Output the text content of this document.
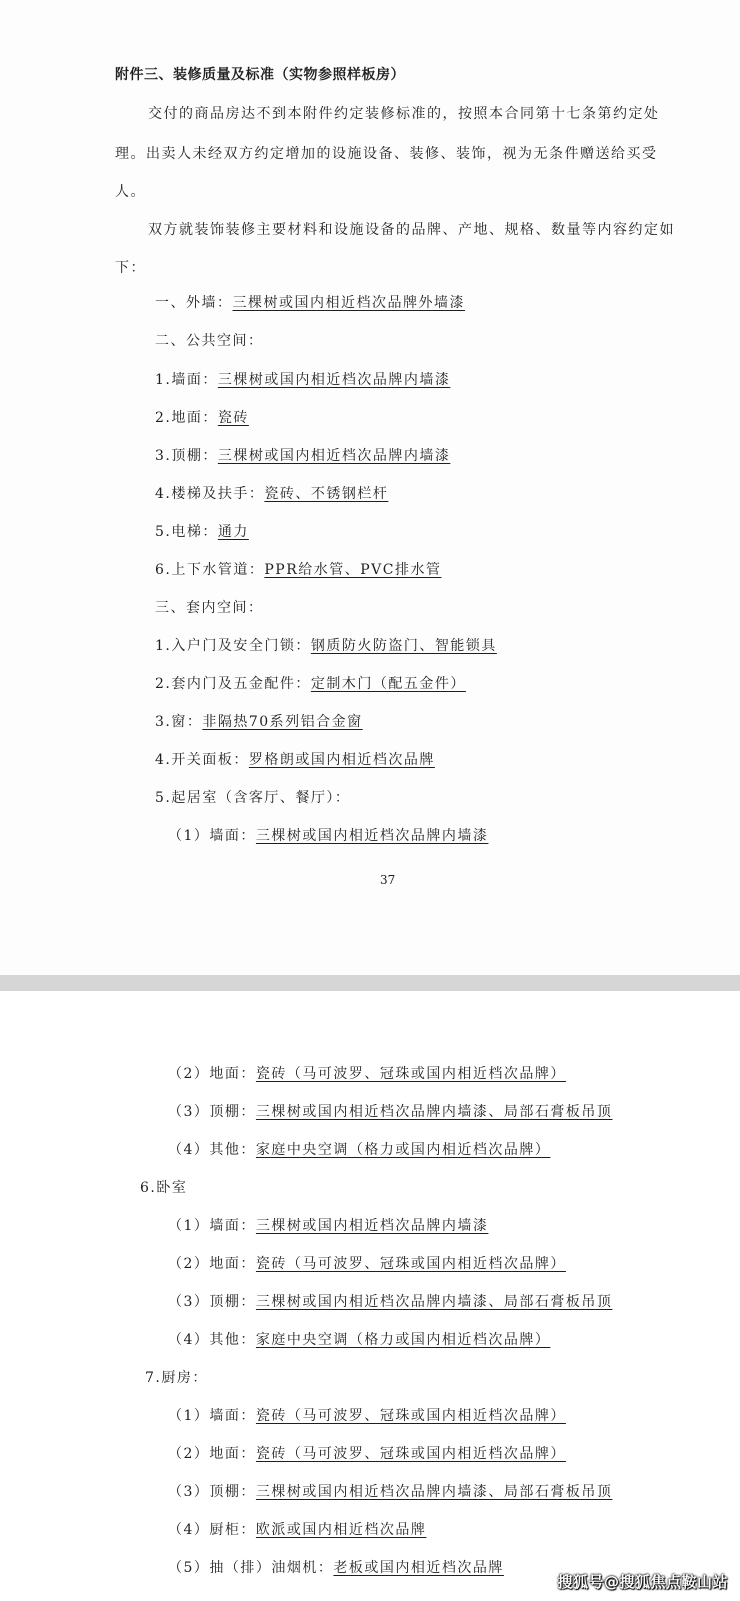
附件三、装修质量及标准（实物参照样板房）
交付的商品房达不到本附件约定装修标准的，按照本合同第十七条第约定处
理。出卖人未经双方约定增加的设施设备、装修、装饰，视为无条件赠送给买受
人。
双方就装饰装修主要材料和设施设备的品牌、产地、规格、数量等内容约定如
下：
一、外墙：三棵树或国内相近档次品牌外墙漆
二、公共空间：
1.墙面：三棵树或国内相近档次品牌内墙漆
2.地面：瓷砖
3.顶棚：三棵树或国内相近档次品牌内墙漆
4.楼梯及扶手：瓷砖、不锈钢栏杆
5.电梯：通力
6.上下水管道：PPR给水管、PVC排水管
三、套内空间：
1.入户门及安全门锁：钢质防火防盗门、智能锁具
2.套内门及五金配件：定制木门（配五金件）
3.窗：非隔热70系列铝合金窗
4.开关面板：罗格朗或国内相近档次品牌
5.起居室（含客厅、餐厅）：
（1）墙面：三棵树或国内相近档次品牌内墙漆
37
（2）地面：瓷砖（马可波罗、冠珠或国内相近档次品牌）
（3）顶棚：三棵树或国内相近档次品牌内墙漆、局部石膏板吊顶
（4）其他：家庭中央空调（格力或国内相近档次品牌）
6.卧室
（1）墙面：三棵树或国内相近档次品牌内墙漆
（2）地面：瓷砖（马可波罗、冠珠或国内相近档次品牌）
（3）顶棚：三棵树或国内相近档次品牌内墙漆、局部石膏板吊顶
（4）其他：家庭中央空调（格力或国内相近档次品牌）
7.厨房：
（1）墙面：瓷砖（马可波罗、冠珠或国内相近档次品牌）
（2）地面：瓷砖（马可波罗、冠珠或国内相近档次品牌）
（3）顶棚：三棵树或国内相近档次品牌内墙漆、局部石膏板吊顶
（4）厨柜：欧派或国内相近档次品牌
（5）抽（排）油烟机：老板或国内相近档次品牌
搜狐号@搜狐焦点鞍山站
